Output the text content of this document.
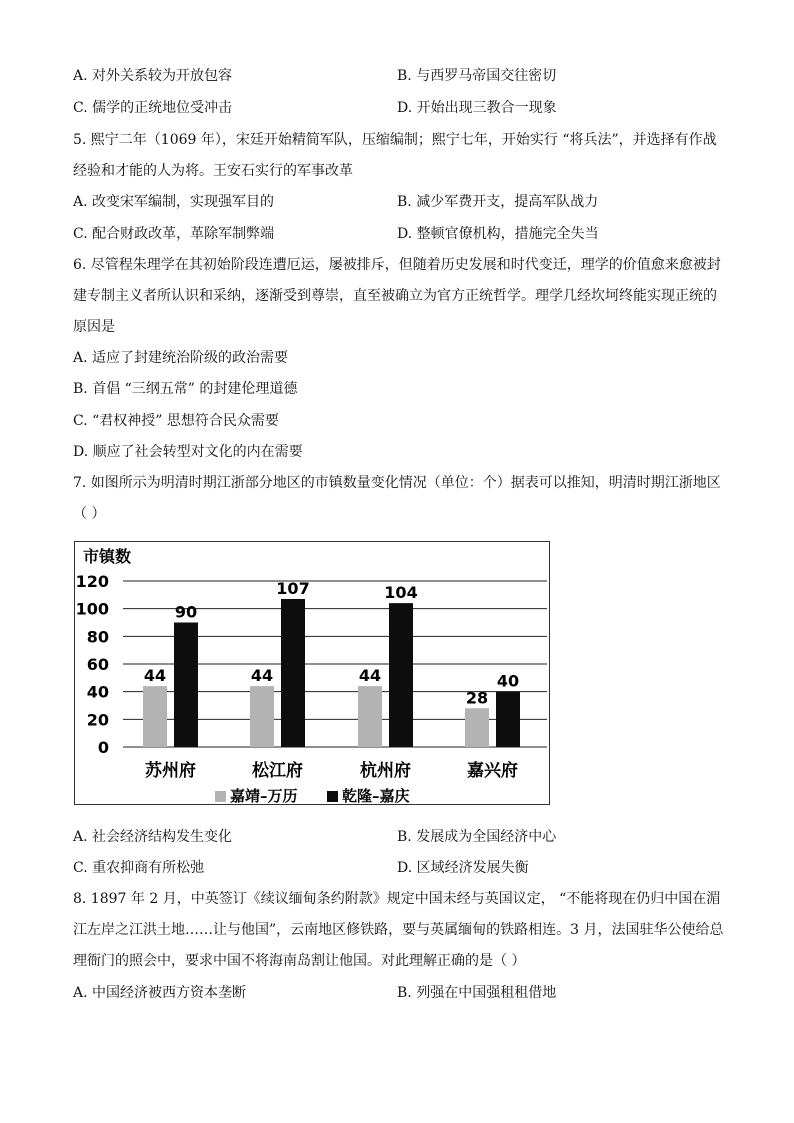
A. 对外关系较为开放包容	B. 与西罗马帝国交往密切
C. 儒学的正统地位受冲击	D. 开始出现三教合一现象
5. 熙宁二年（1069 年），宋廷开始精简军队，压缩编制；熙宁七年，开始实行 “将兵法”，并选择有作战
经验和才能的人为将。王安石实行的军事改革
A. 改变宋军编制，实现强军目的	B. 减少军费开支，提高军队战力
C. 配合财政改革，革除军制弊端	D. 整顿官僚机构，措施完全失当
6. 尽管程朱理学在其初始阶段连遭厄运，屡被排斥，但随着历史发展和时代变迁，理学的价值愈来愈被封
建专制主义者所认识和采纳，逐渐受到尊崇，直至被确立为官方正统哲学。理学几经坎坷终能实现正统的
原因是
A. 适应了封建统治阶级的政治需要
B. 首倡 “三纲五常” 的封建伦理道德
C. “君权神授” 思想符合民众需要
D. 顺应了社会转型对文化的内在需要
7. 如图所示为明清时期江浙部分地区的市镇数量变化情况（单位：个）据表可以推知，明清时期江浙地区
（ ）
市镇数
0
20
40
60
80
100
120
44
90
苏州府
44
107
松江府
44
104
杭州府
28
40
嘉兴府
嘉靖–万历	乾隆–嘉庆
A. 社会经济结构发生变化	B. 发展成为全国经济中心
C. 重农抑商有所松弛	D. 区域经济发展失衡
8. 1897 年 2 月，中英签订《续议缅甸条约附款》规定中国未经与英国议定， “不能将现在仍归中国在湄
江左岸之江洪土地……让与他国”，云南地区修铁路，要与英属缅甸的铁路相连。3 月，法国驻华公使给总
理衙门的照会中，要求中国不将海南岛割让他国。对此理解正确的是（ ）
A. 中国经济被西方资本垄断	B. 列强在中国强租租借地
